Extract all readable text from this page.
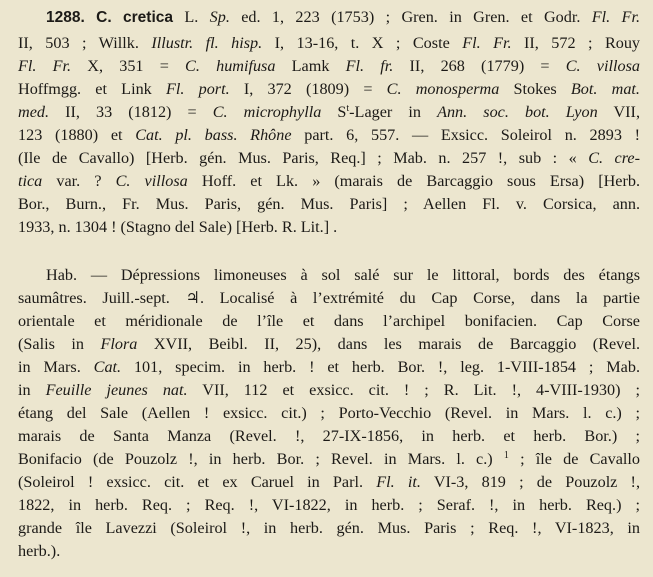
1288. C. cretica L. Sp. ed. 1, 223 (1753) ; Gren. in Gren. et Godr. Fl. Fr.
II, 503 ; Willk. Illustr. fl. hisp. I, 13-16, t. X ; Coste Fl. Fr. II, 572 ; Rouy
Fl. Fr. X, 351 = C. humifusa Lamk Fl. fr. II, 268 (1779) = C. villosa
Hoffmgg. et Link Fl. port. I, 372 (1809) = C. monosperma Stokes Bot. mat.
med. II, 33 (1812) = C. microphylla $S^t$-Lager in Ann. soc. bot. Lyon VII,
123 (1880) et Cat. pl. bass. Rhône part. 6, 557. — Exsicc. Soleirol n. 2893 !
(Ile de Cavallo) [Herb. gén. Mus. Paris, Req.] ; Mab. n. 257 !, sub : « C. cre-
tica var. ? C. villosa Hoff. et Lk. » (marais de Barcaggio sous Ersa) [Herb.
Bor., Burn., Fr. Mus. Paris, gén. Mus. Paris] ; Aellen Fl. v. Corsica, ann.
1933, n. 1304 ! (Stagno del Sale) [Herb. R. Lit.] .
Hab. — Dépressions limoneuses à sol salé sur le littoral, bords des étangs
saumâtres. Juill.-sept. ♃. Localisé à l’extrémité du Cap Corse, dans la partie
orientale et méridionale de l’île et dans l’archipel bonifacien. Cap Corse
(Salis in Flora XVII, Beibl. II, 25), dans les marais de Barcaggio (Revel.
in Mars. Cat. 101, specim. in herb. ! et herb. Bor. !, leg. 1-VIII-1854 ; Mab.
in Feuille jeunes nat. VII, 112 et exsicc. cit. ! ; R. Lit. !, 4-VIII-1930) ;
étang del Sale (Aellen ! exsicc. cit.) ; Porto-Vecchio (Revel. in Mars. l. c.) ;
marais de Santa Manza (Revel. !, 27-IX-1856, in herb. et herb. Bor.) ;
Bonifacio (de Pouzolz !, in herb. Bor. ; Revel. in Mars. l. c.) $^1$ ; île de Cavallo
(Soleirol ! exsicc. cit. et ex Caruel in Parl. Fl. it. VI-3, 819 ; de Pouzolz !,
1822, in herb. Req. ; Req. !, VI-1822, in herb. ; Seraf. !, in herb. Req.) ;
grande île Lavezzi (Soleirol !, in herb. gén. Mus. Paris ; Req. !, VI-1823, in
herb.).
